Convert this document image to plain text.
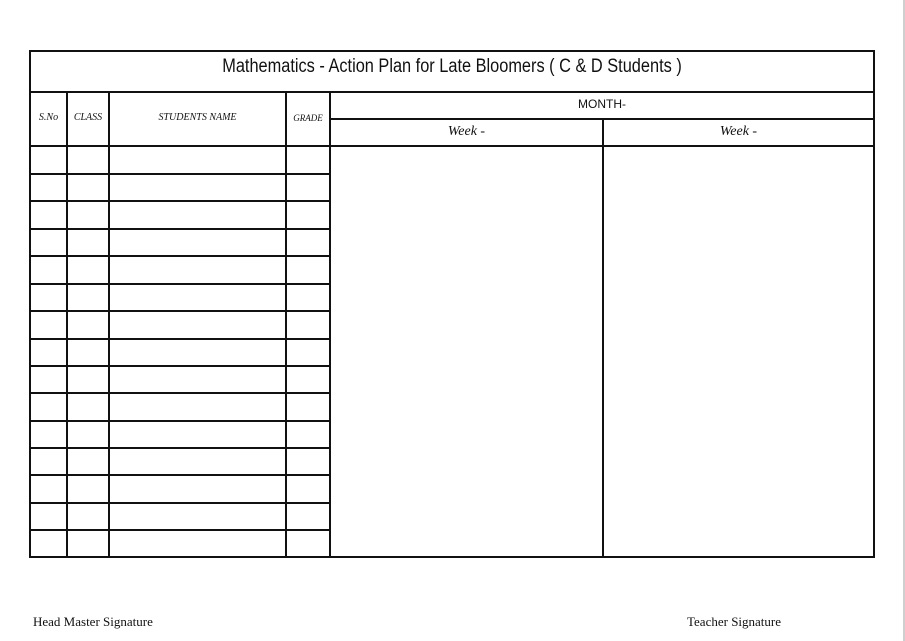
Mathematics - Action Plan for Late Bloomers ( C & D Students )
S.No	CLASS	STUDENTS NAME	GRADE
MONTH-
Week -	Week -
Head Master Signature	Teacher Signature
